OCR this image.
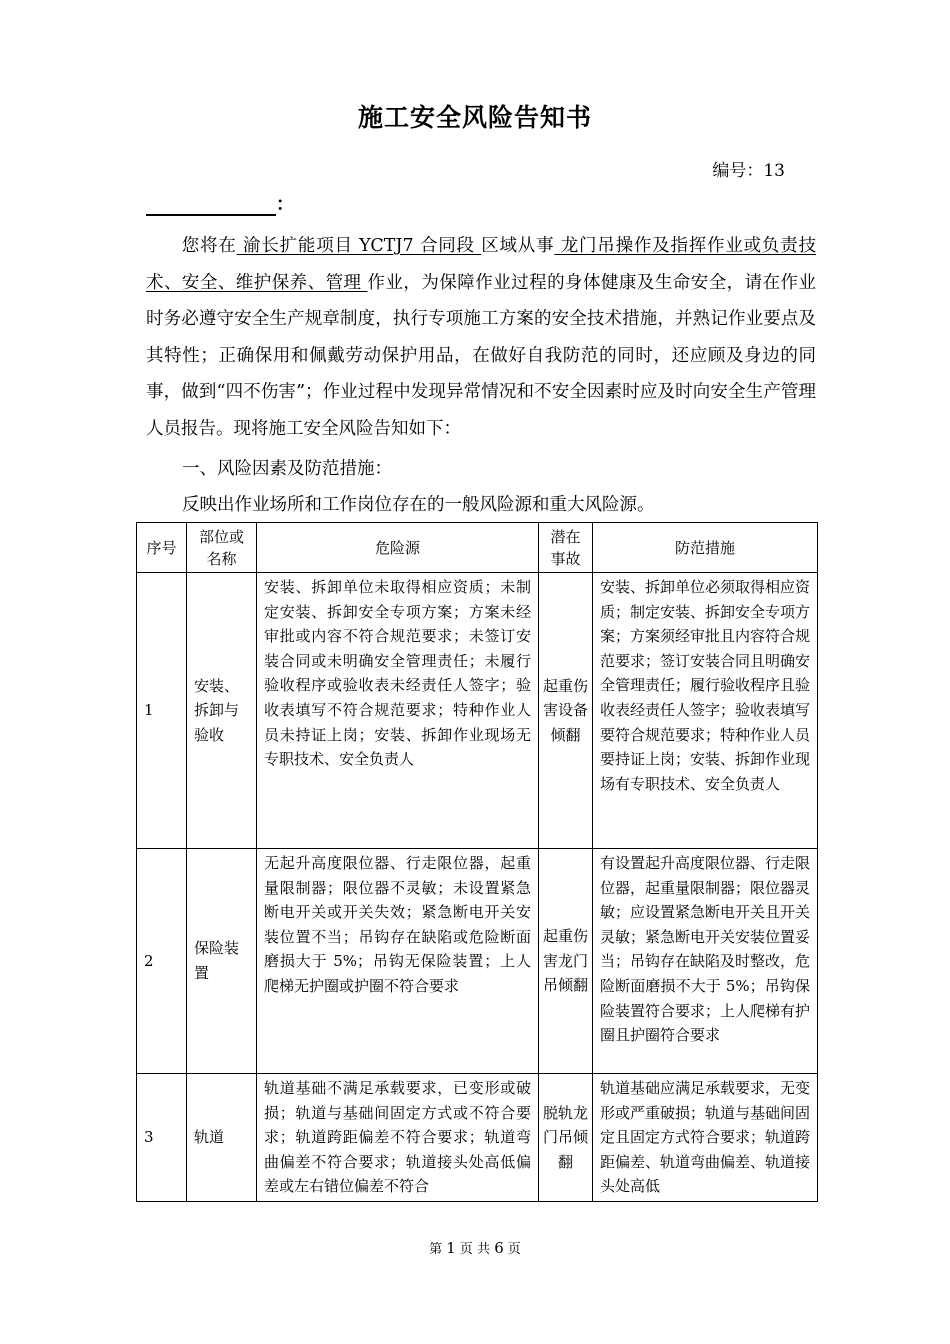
施工安全风险告知书
编号：13
：
  您将在 渝长扩能项目 YCTJ7 合同段 区域从事 龙门吊操作及指挥作业或负责技术、安全、维护保养、管理 作业，为保障作业过程的身体健康及生命安全，请在作业时务必遵守安全生产规章制度，执行专项施工方案的安全技术措施，并熟记作业要点及其特性；正确保用和佩戴劳动保护用品，在做好自我防范的同时，还应顾及身边的同事，做到“四不伤害”；作业过程中发现异常情况和不安全因素时应及时向安全生产管理人员报告。现将施工安全风险告知如下：
一、风险因素及防范措施：
反映出作业场所和工作岗位存在的一般风险源和重大风险源。
序号	部位或名称	危险源	潜在事故	防范措施
1	安装、拆卸与验收	安装、拆卸单位未取得相应资质；未制定安装、拆卸安全专项方案；方案未经审批或内容不符合规范要求；未签订安装合同或未明确安全管理责任；未履行验收程序或验收表未经责任人签字；验收表填写不符合规范要求；特种作业人员未持证上岗；安装、拆卸作业现场无专职技术、安全负责人	起重伤害设备倾翻	安装、拆卸单位必须取得相应资质；制定安装、拆卸安全专项方案；方案须经审批且内容符合规范要求；签订安装合同且明确安全管理责任；履行验收程序且验收表经责任人签字；验收表填写要符合规范要求；特种作业人员要持证上岗；安装、拆卸作业现场有专职技术、安全负责人
2	保险装置	无起升高度限位器、行走限位器，起重量限制器；限位器不灵敏；未设置紧急断电开关或开关失效；紧急断电开关安装位置不当；吊钩存在缺陷或危险断面磨损大于 5%；吊钩无保险装置；上人爬梯无护圈或护圈不符合要求	起重伤害龙门吊倾翻	有设置起升高度限位器、行走限位器，起重量限制器；限位器灵敏；应设置紧急断电开关且开关灵敏；紧急断电开关安装位置妥当；吊钩存在缺陷及时整改，危险断面磨损不大于 5%；吊钩保险装置符合要求；上人爬梯有护圈且护圈符合要求
3	轨道	轨道基础不满足承载要求，已变形或破损；轨道与基础间固定方式或不符合要求；轨道跨距偏差不符合要求；轨道弯曲偏差不符合要求；轨道接头处高低偏差或左右错位偏差不符合	脱轨龙门吊倾翻	轨道基础应满足承载要求，无变形或严重破损；轨道与基础间固定且固定方式符合要求；轨道跨距偏差、轨道弯曲偏差、轨道接头处高低
第 1 页 共 6 页
